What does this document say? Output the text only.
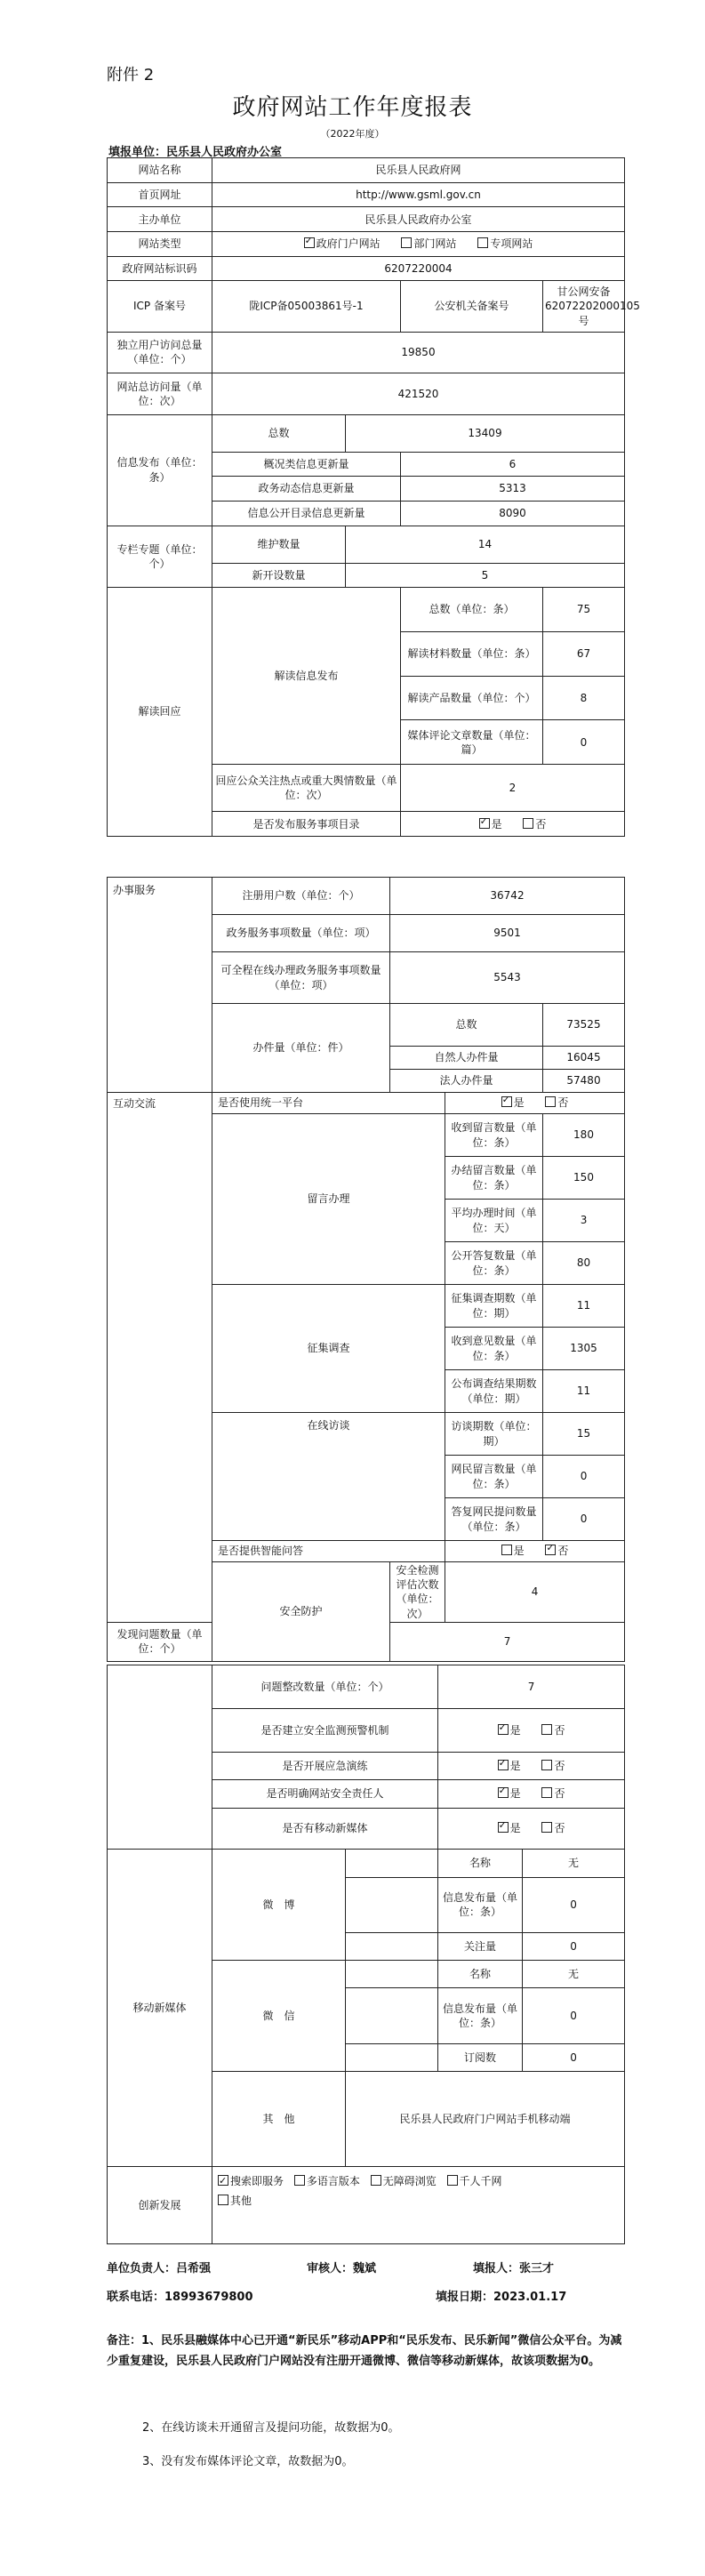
附件 2
政府网站工作年度报表
（2022年度）
填报单位：民乐县人民政府办公室
网站名称	民乐县人民政府网			
首页网址	http://www.gsml.gov.cn			
主办单位	民乐县人民政府办公室			
网站类型	✓政府门户网站 部门网站 专项网站
政府网站标识码	6207220004			
ICP 备案号	陇ICP备05003861号-1		公安机关备案号	甘公网安备 62072202000105 号
独立用户访问总量（单位：个）	19850			
网站总访问量（单位：次）	421520			
信息发布（单位：条）	总数	13409		
	概况类信息更新量		6	
	政务动态信息更新量		5313	
	信息公开目录信息更新量		8090	
专栏专题（单位：个）	维护数量	14		
	新开设数量	5		
解读回应	解读信息发布		总数（单位：条）	75
			解读材料数量（单位：条）	67
			解读产品数量（单位：个）	8
			媒体评论文章数量（单位：篇）	0
	回应公众关注热点或重大舆情数量（单位：次）		2	
	是否发布服务事项目录	✓是 否
办事服务	注册用户数（单位：个）	36742		
	政务服务事项数量（单位：项）	9501		
	可全程在线办理政务服务事项数量（单位：项）	5543		
	办件量（单位：件）	总数		73525
		自然人办件量		16045
		法人办件量		57480
互动交流	是否使用统一平台	✓是 否
	留言办理		收到留言数量（单位：条）	180
			办结留言数量（单位：条）	150
			平均办理时间（单位：天）	3
			公开答复数量（单位：条）	80
	征集调查		征集调查期数（单位：期）	11
			收到意见数量（单位：条）	1305
			公布调查结果期数（单位：期）	11
	在线访谈		访谈期数（单位：期）	15
			网民留言数量（单位：条）	0
			答复网民提问数量（单位：条）	0
	是否提供智能问答		是 ✓ 否
	安全防护	安全检测评估次数（单位：次）	4	
发现问题数量（单位：个）		7		
	问题整改数量（单位：个）		7	
	是否建立安全监测预警机制	✓是 否
	是否开展应急演练	✓是 否
	是否明确网站安全责任人	✓是 否
	是否有移动新媒体	✓是 否
移动新媒体	微　博		名称	无
			信息发布量（单位：条）	0
			关注量	0
	微　信		名称	无
			信息发布量（单位：条）	0
			订阅数	0
	其　他	民乐县人民政府门户网站手机移动端		
创新发展	✓搜索即服务 多语言版本 无障碍浏览 千人千网
其他
单位负责人：吕希强	审核人：魏斌	填报人：张三才
联系电话：18993679800	填报日期：2023.01.17
备注：1、民乐县融媒体中心已开通“新民乐”移动APP和“民乐发布、民乐新闻”微信公众平台。为减少重复建设，民乐县人民政府门户网站没有注册开通微博、微信等移动新媒体，故该项数据为0。
2、在线访谈未开通留言及提问功能，故数据为0。
3、没有发布媒体评论文章，故数据为0。
